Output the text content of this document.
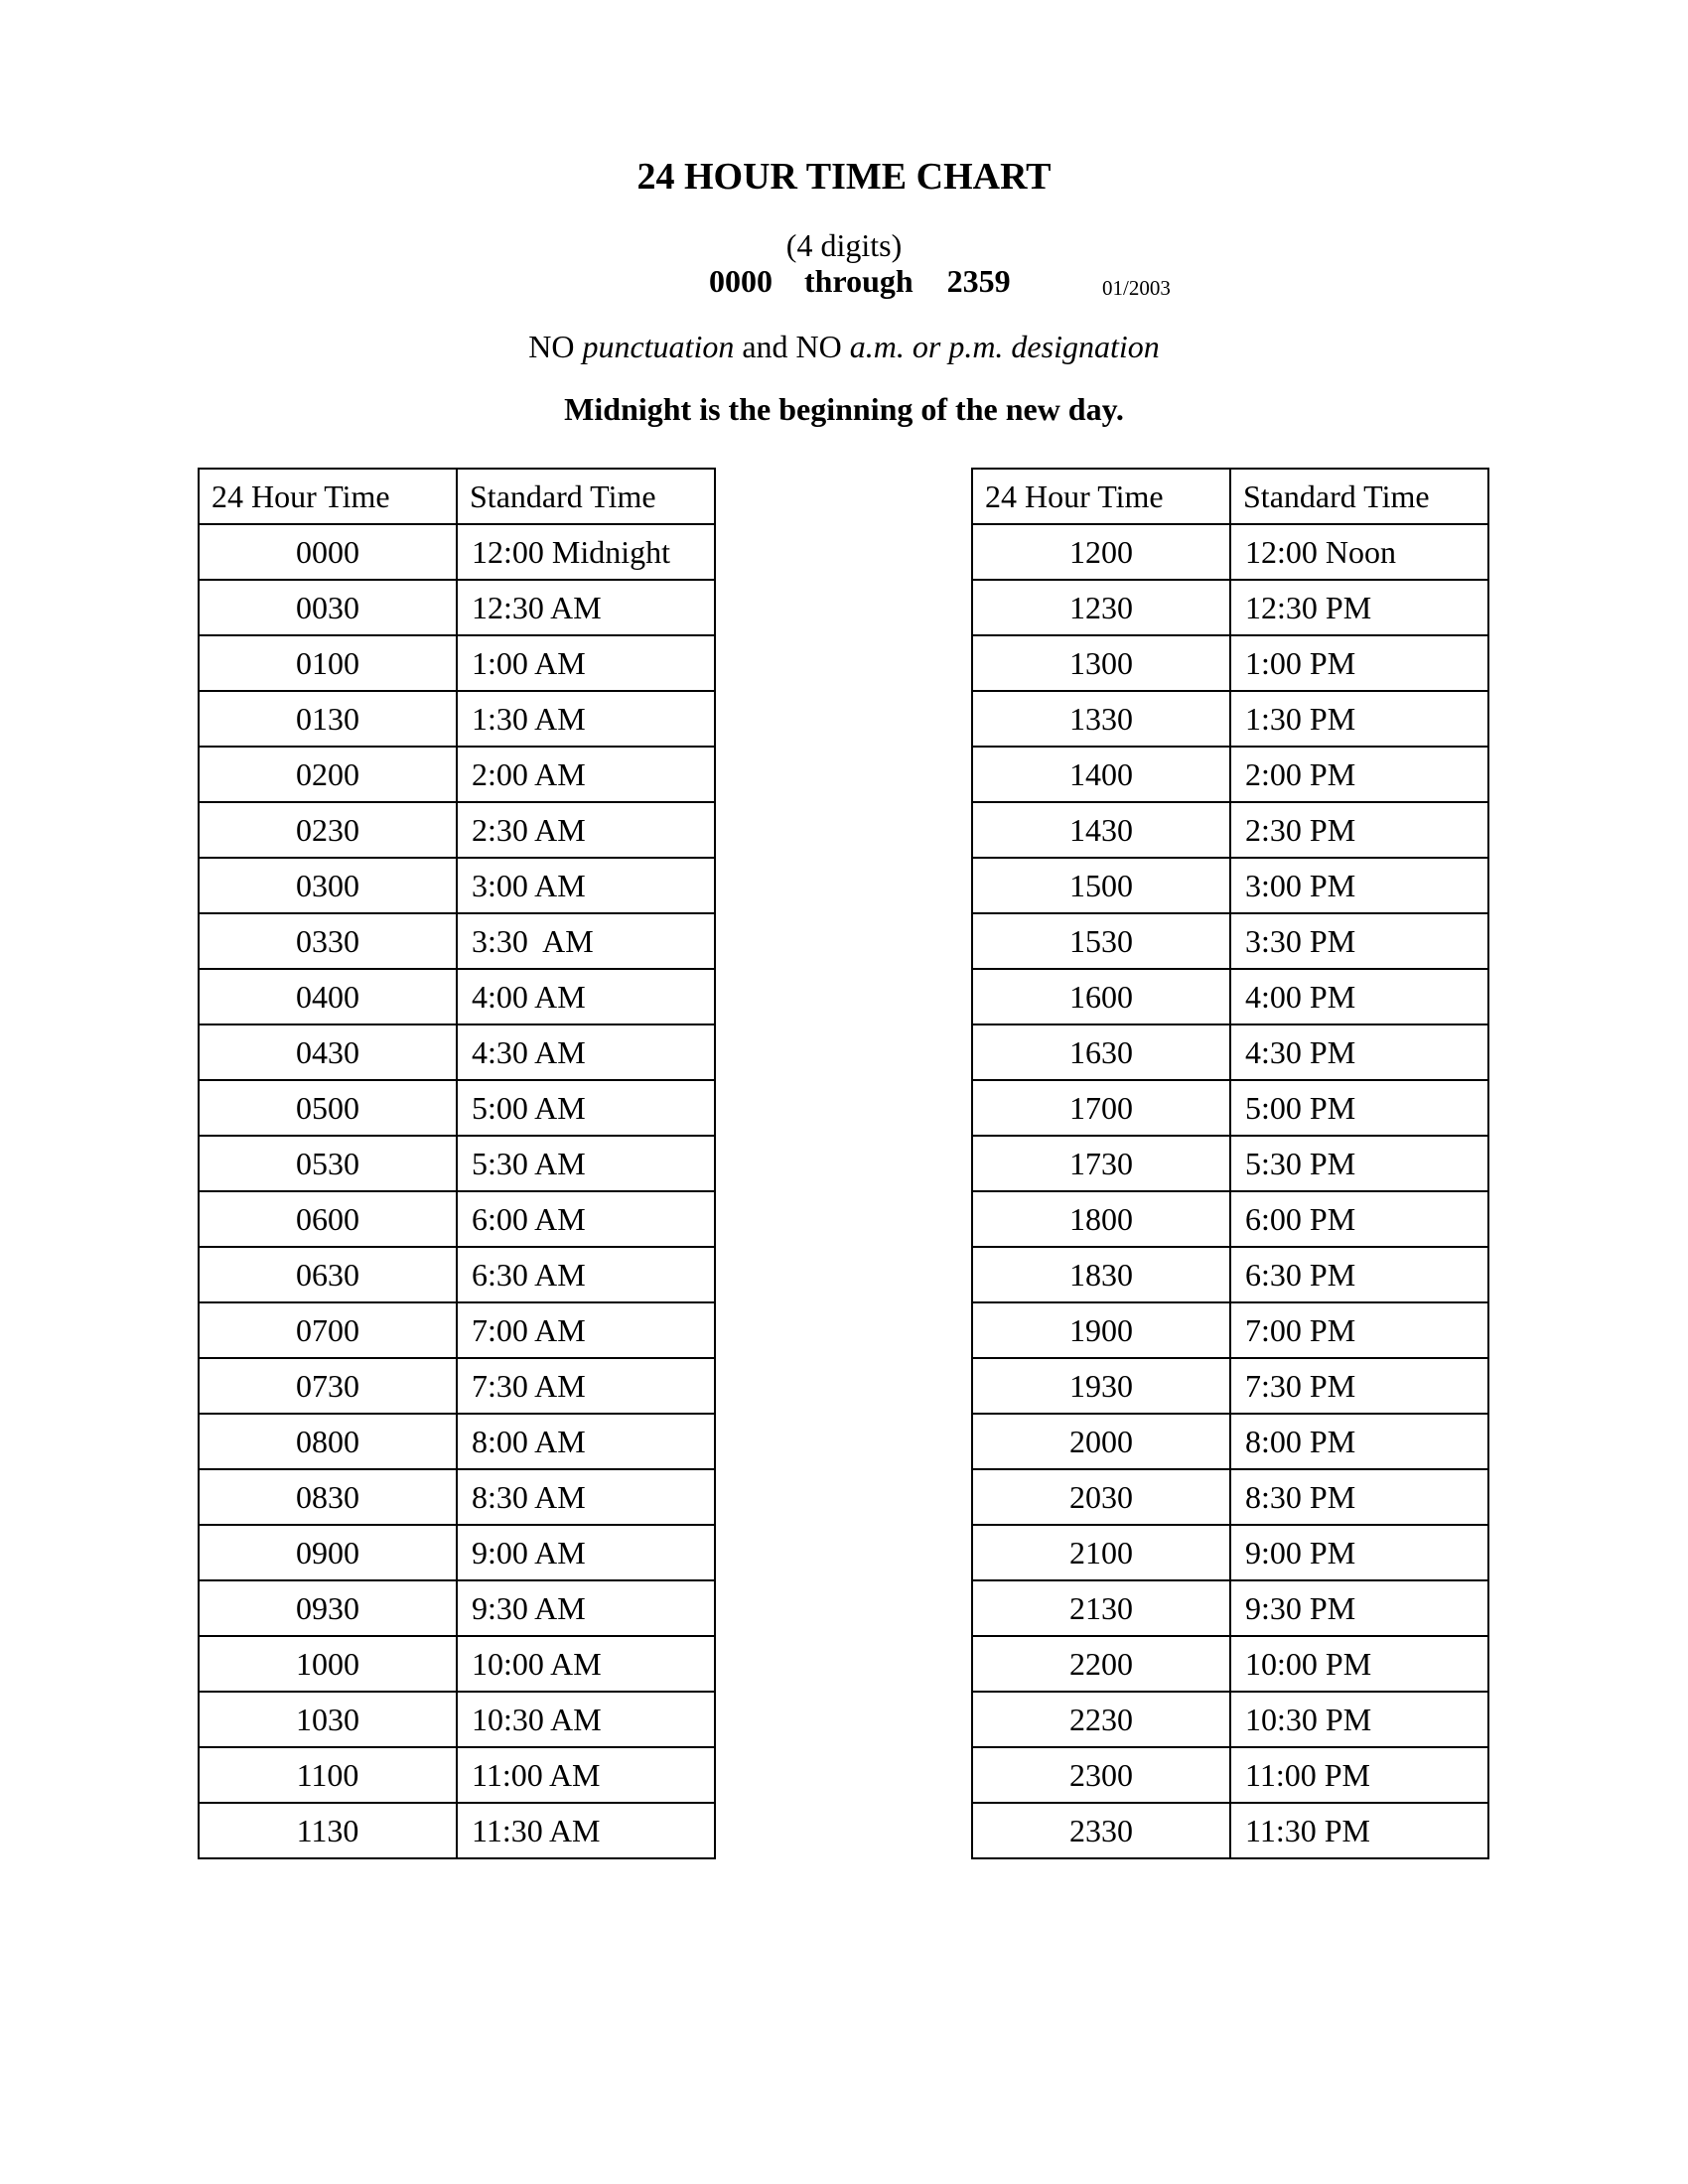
24 HOUR TIME CHART

(4 digits)

0000 through 2359	01/2003

NO punctuation and NO a.m. or p.m. designation

Midnight is the beginning of the new day.

24 Hour Time	Standard Time
0000	12:00 Midnight
0030	12:30 AM
0100	1:00 AM
0130	1:30 AM
0200	2:00 AM
0230	2:30 AM
0300	3:00 AM
0330	3:30  AM
0400	4:00 AM
0430	4:30 AM
0500	5:00 AM
0530	5:30 AM
0600	6:00 AM
0630	6:30 AM
0700	7:00 AM
0730	7:30 AM
0800	8:00 AM
0830	8:30 AM
0900	9:00 AM
0930	9:30 AM
1000	10:00 AM
1030	10:30 AM
1100	11:00 AM
1130	11:30 AM
24 Hour Time	Standard Time
1200	12:00 Noon
1230	12:30 PM
1300	1:00 PM
1330	1:30 PM
1400	2:00 PM
1430	2:30 PM
1500	3:00 PM
1530	3:30 PM
1600	4:00 PM
1630	4:30 PM
1700	5:00 PM
1730	5:30 PM
1800	6:00 PM
1830	6:30 PM
1900	7:00 PM
1930	7:30 PM
2000	8:00 PM
2030	8:30 PM
2100	9:00 PM
2130	9:30 PM
2200	10:00 PM
2230	10:30 PM
2300	11:00 PM
2330	11:30 PM
